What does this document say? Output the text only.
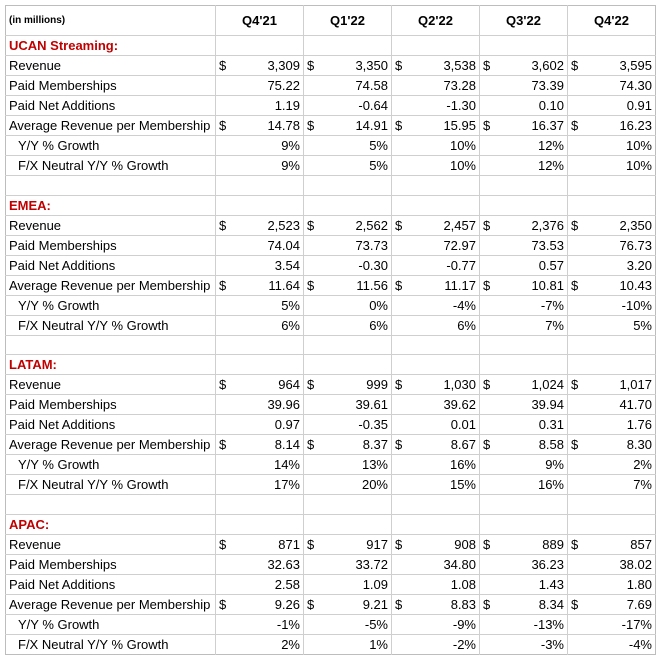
(in millions)	Q4'21	Q1'22	Q2'22	Q3'22	Q4'22
UCAN Streaming:					
Revenue	$ 3,309	$ 3,350	$ 3,538	$ 3,602	$ 3,595
Paid Memberships	75.22	74.58	73.28	73.39	74.30
Paid Net Additions	1.19	-0.64	-1.30	0.10	0.91
Average Revenue per Membership	$ 14.78	$ 14.91	$ 15.95	$ 16.37	$ 16.23
Y/Y % Growth	9%	5%	10%	12%	10%
F/X Neutral Y/Y % Growth	9%	5%	10%	12%	10%

EMEA:					
Revenue	$ 2,523	$ 2,562	$ 2,457	$ 2,376	$ 2,350
Paid Memberships	74.04	73.73	72.97	73.53	76.73
Paid Net Additions	3.54	-0.30	-0.77	0.57	3.20
Average Revenue per Membership	$ 11.64	$ 11.56	$ 11.17	$ 10.81	$ 10.43
Y/Y % Growth	5%	0%	-4%	-7%	-10%
F/X Neutral Y/Y % Growth	6%	6%	6%	7%	5%

LATAM:					
Revenue	$ 964	$ 999	$ 1,030	$ 1,024	$ 1,017
Paid Memberships	39.96	39.61	39.62	39.94	41.70
Paid Net Additions	0.97	-0.35	0.01	0.31	1.76
Average Revenue per Membership	$ 8.14	$ 8.37	$ 8.67	$ 8.58	$ 8.30
Y/Y % Growth	14%	13%	16%	9%	2%
F/X Neutral Y/Y % Growth	17%	20%	15%	16%	7%

APAC:					
Revenue	$ 871	$ 917	$ 908	$ 889	$ 857
Paid Memberships	32.63	33.72	34.80	36.23	38.02
Paid Net Additions	2.58	1.09	1.08	1.43	1.80
Average Revenue per Membership	$ 9.26	$ 9.21	$ 8.83	$ 8.34	$ 7.69
Y/Y % Growth	-1%	-5%	-9%	-13%	-17%
F/X Neutral Y/Y % Growth	2%	1%	-2%	-3%	-4%
